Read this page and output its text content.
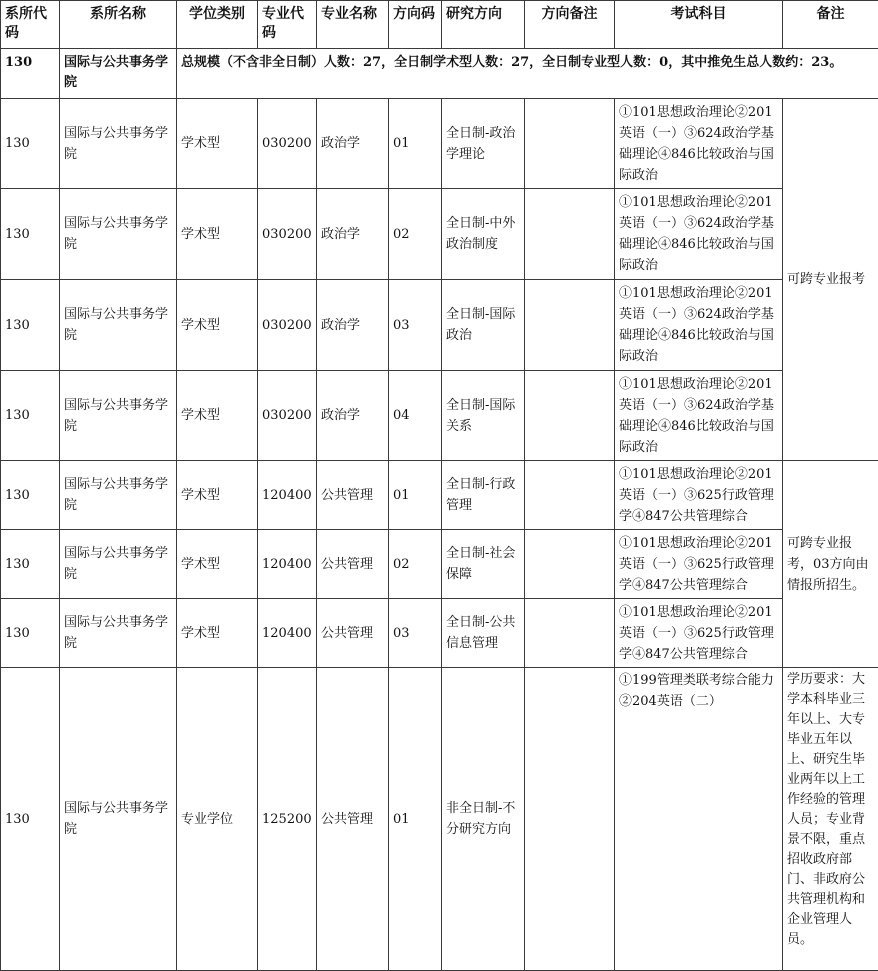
系所代码	系所名称	学位类别	专业代码	专业名称	方向码	研究方向	方向备注	考试科目	备注
130	国际与公共事务学院	总规模（不含非全日制）人数：27，全日制学术型人数：27，全日制专业型人数：0，其中推免生总人数约：23。							
130	国际与公共事务学院	学术型	030200	政治学	01	全日制-政治学理论		①101思想政治理论②201英语（一）③624政治学基础理论④846比较政治与国际政治	可跨专业报考
130	国际与公共事务学院	学术型	030200	政治学	02	全日制-中外政治制度		①101思想政治理论②201英语（一）③624政治学基础理论④846比较政治与国际政治	
130	国际与公共事务学院	学术型	030200	政治学	03	全日制-国际政治		①101思想政治理论②201英语（一）③624政治学基础理论④846比较政治与国际政治	
130	国际与公共事务学院	学术型	030200	政治学	04	全日制-国际关系		①101思想政治理论②201英语（一）③624政治学基础理论④846比较政治与国际政治	
130	国际与公共事务学院	学术型	120400	公共管理	01	全日制-行政管理		①101思想政治理论②201英语（一）③625行政管理学④847公共管理综合	可跨专业报考，03方向由情报所招生。
130	国际与公共事务学院	学术型	120400	公共管理	02	全日制-社会保障		①101思想政治理论②201英语（一）③625行政管理学④847公共管理综合	
130	国际与公共事务学院	学术型	120400	公共管理	03	全日制-公共信息管理		①101思想政治理论②201英语（一）③625行政管理学④847公共管理综合	
130	国际与公共事务学院	专业学位	125200	公共管理	01	非全日制-不分研究方向		①199管理类联考综合能力②204英语（二）	学历要求：大学本科毕业三年以上、大专毕业五年以上、研究生毕业两年以上工作经验的管理人员；专业背景不限，重点招收政府部门、非政府公共管理机构和企业管理人员。
